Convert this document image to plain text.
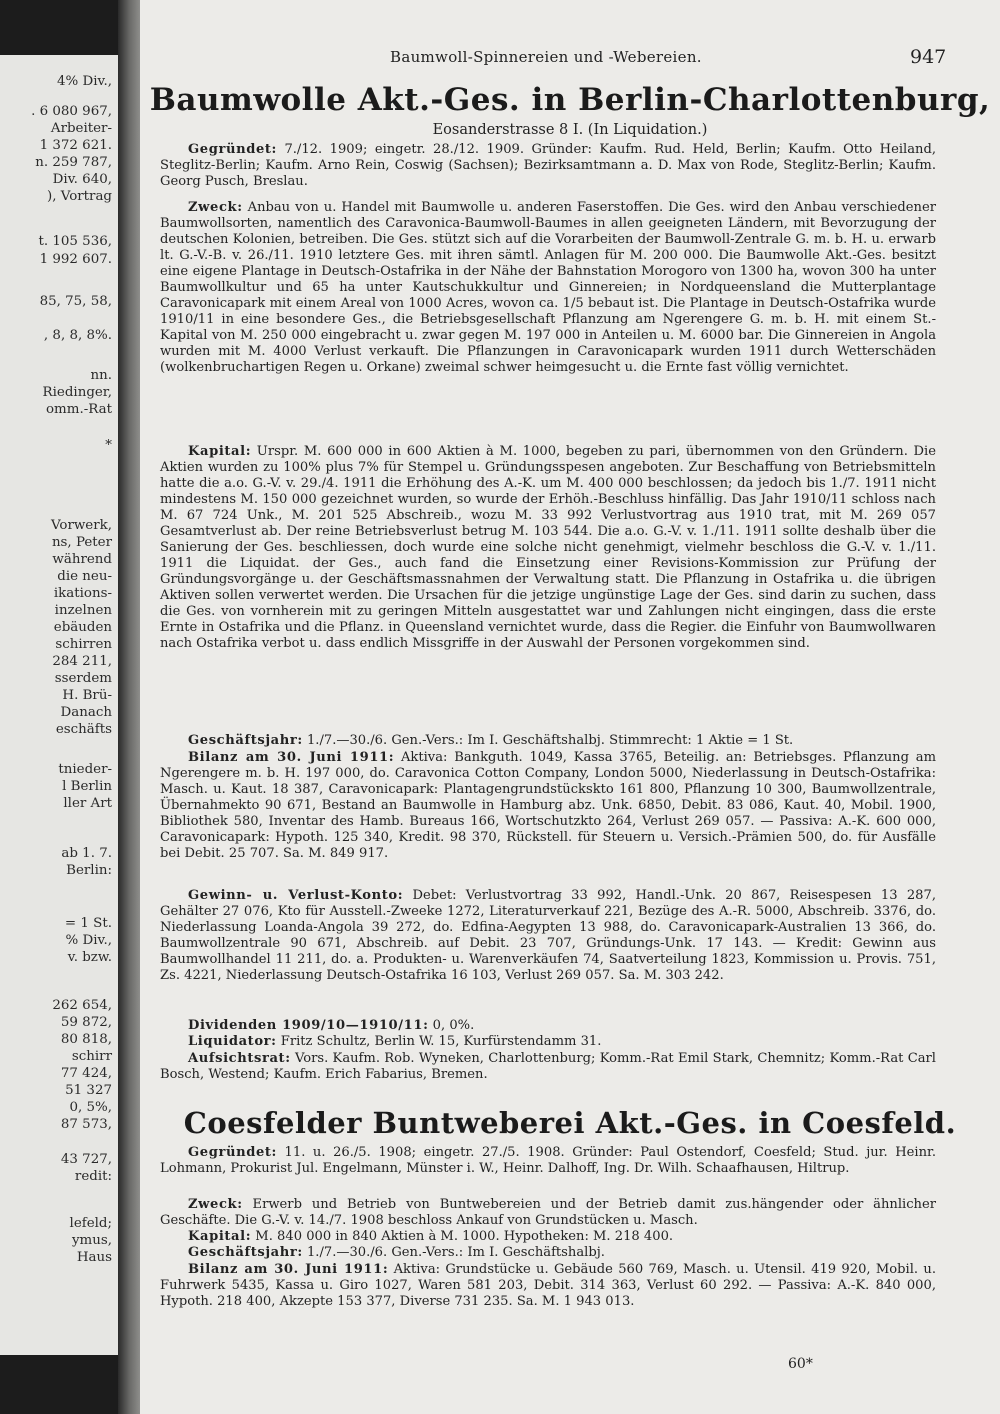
4% Div.,
. 6 080 967,
Arbeiter-
1 372 621.
n. 259 787,
Div. 640,
), Vortrag
t. 105 536,
1 992 607.
85, 75, 58,
, 8, 8, 8%.
nn.
Riedinger,
omm.-Rat
*
Vorwerk,
ns, Peter
während
die neu-
ikations-
inzelnen
ebäuden
schirren
284 211,
sserdem
H. Brü-
Danach
eschäfts
tnieder-
l Berlin
ller Art
ab 1. 7.
Berlin:
= 1 St.
% Div.,
v. bzw.
262 654,
59 872,
80 818,
schirr
77 424,
51 327
0, 5%,
87 573,
43 727,
redit:
lefeld;
ymus,
Haus
Baumwoll-Spinnereien und -Webereien.	947
Baumwolle Akt.-Ges. in Berlin-Charlottenburg,
Eosanderstrasse 8 I. (In Liquidation.)

Gegründet: 7./12. 1909; eingetr. 28./12. 1909. Gründer: Kaufm. Rud. Held, Berlin; Kaufm. Otto Heiland, Steglitz-Berlin; Kaufm. Arno Rein, Coswig (Sachsen); Bezirksamtmann a. D. Max von Rode, Steglitz-Berlin; Kaufm. Georg Pusch, Breslau.

Zweck: Anbau von u. Handel mit Baumwolle u. anderen Faserstoffen. Die Ges. wird den Anbau verschiedener Baumwollsorten, namentlich des Caravonica-Baumwoll-Baumes in allen geeigneten Ländern, mit Bevorzugung der deutschen Kolonien, betreiben. Die Ges. stützt sich auf die Vorarbeiten der Baumwoll-Zentrale G. m. b. H. u. erwarb lt. G.-V.-B. v. 26./11. 1910 letztere Ges. mit ihren sämtl. Anlagen für M. 200 000. Die Baumwolle Akt.-Ges. besitzt eine eigene Plantage in Deutsch-Ostafrika in der Nähe der Bahnstation Morogoro von 1300 ha, wovon 300 ha unter Baumwollkultur und 65 ha unter Kautschukkultur und Ginnereien; in Nordqueensland die Mutterplantage Caravonicapark mit einem Areal von 1000 Acres, wovon ca. 1/5 bebaut ist. Die Plantage in Deutsch-Ostafrika wurde 1910/11 in eine besondere Ges., die Betriebsgesellschaft Pflanzung am Ngerengere G. m. b. H. mit einem St.-Kapital von M. 250 000 eingebracht u. zwar gegen M. 197 000 in Anteilen u. M. 6000 bar. Die Ginnereien in Angola wurden mit M. 4000 Verlust verkauft. Die Pflanzungen in Caravonicapark wurden 1911 durch Wetterschäden (wolkenbruchartigen Regen u. Orkane) zweimal schwer heimgesucht u. die Ernte fast völlig vernichtet.

Kapital: Urspr. M. 600 000 in 600 Aktien à M. 1000, begeben zu pari, übernommen von den Gründern. Die Aktien wurden zu 100% plus 7% für Stempel u. Gründungsspesen angeboten. Zur Beschaffung von Betriebsmitteln hatte die a.o. G.-V. v. 29./4. 1911 die Erhöhung des A.-K. um M. 400 000 beschlossen; da jedoch bis 1./7. 1911 nicht mindestens M. 150 000 gezeichnet wurden, so wurde der Erhöh.-Beschluss hinfällig. Das Jahr 1910/11 schloss nach M. 67 724 Unk., M. 201 525 Abschreib., wozu M. 33 992 Verlustvortrag aus 1910 trat, mit M. 269 057 Gesamtverlust ab. Der reine Betriebsverlust betrug M. 103 544. Die a.o. G.-V. v. 1./11. 1911 sollte deshalb über die Sanierung der Ges. beschliessen, doch wurde eine solche nicht genehmigt, vielmehr beschloss die G.-V. v. 1./11. 1911 die Liquidat. der Ges., auch fand die Einsetzung einer Revisions-Kommission zur Prüfung der Gründungsvorgänge u. der Geschäftsmassnahmen der Verwaltung statt. Die Pflanzung in Ostafrika u. die übrigen Aktiven sollen verwertet werden. Die Ursachen für die jetzige ungünstige Lage der Ges. sind darin zu suchen, dass die Ges. von vornherein mit zu geringen Mitteln ausgestattet war und Zahlungen nicht eingingen, dass die erste Ernte in Ostafrika und die Pflanz. in Queensland vernichtet wurde, dass die Regier. die Einfuhr von Baumwollwaren nach Ostafrika verbot u. dass endlich Missgriffe in der Auswahl der Personen vorgekommen sind.

Geschäftsjahr: 1./7.—30./6. Gen.-Vers.: Im I. Geschäftshalbj. Stimmrecht: 1 Aktie = 1 St.

Bilanz am 30. Juni 1911: Aktiva: Bankguth. 1049, Kassa 3765, Beteilig. an: Betriebsges. Pflanzung am Ngerengere m. b. H. 197 000, do. Caravonica Cotton Company, London 5000, Niederlassung in Deutsch-Ostafrika: Masch. u. Kaut. 18 387, Caravonicapark: Plantagengrundstückskto 161 800, Pflanzung 10 300, Baumwollzentrale, Übernahmekto 90 671, Bestand an Baumwolle in Hamburg abz. Unk. 6850, Debit. 83 086, Kaut. 40, Mobil. 1900, Bibliothek 580, Inventar des Hamb. Bureaus 166, Wortschutzkto 264, Verlust 269 057. — Passiva: A.-K. 600 000, Caravonicapark: Hypoth. 125 340, Kredit. 98 370, Rückstell. für Steuern u. Versich.-Prämien 500, do. für Ausfälle bei Debit. 25 707. Sa. M. 849 917.

Gewinn- u. Verlust-Konto: Debet: Verlustvortrag 33 992, Handl.-Unk. 20 867, Reisespesen 13 287, Gehälter 27 076, Kto für Ausstell.-Zweeke 1272, Literaturverkauf 221, Bezüge des A.-R. 5000, Abschreib. 3376, do. Niederlassung Loanda-Angola 39 272, do. Edfina-Aegypten 13 988, do. Caravonicapark-Australien 13 366, do. Baumwollzentrale 90 671, Abschreib. auf Debit. 23 707, Gründungs-Unk. 17 143. — Kredit: Gewinn aus Baumwollhandel 11 211, do. a. Produkten- u. Warenverkäufen 74, Saatverteilung 1823, Kommission u. Provis. 751, Zs. 4221, Niederlassung Deutsch-Ostafrika 16 103, Verlust 269 057. Sa. M. 303 242.

Dividenden 1909/10—1910/11: 0, 0%.

Liquidator: Fritz Schultz, Berlin W. 15, Kurfürstendamm 31.

Aufsichtsrat: Vors. Kaufm. Rob. Wyneken, Charlottenburg; Komm.-Rat Emil Stark, Chemnitz; Komm.-Rat Carl Bosch, Westend; Kaufm. Erich Fabarius, Bremen.

Coesfelder Buntweberei Akt.-Ges. in Coesfeld.

Gegründet: 11. u. 26./5. 1908; eingetr. 27./5. 1908. Gründer: Paul Ostendorf, Coesfeld; Stud. jur. Heinr. Lohmann, Prokurist Jul. Engelmann, Münster i. W., Heinr. Dalhoff, Ing. Dr. Wilh. Schaafhausen, Hiltrup.

Zweck: Erwerb und Betrieb von Buntwebereien und der Betrieb damit zus.hängender oder ähnlicher Geschäfte. Die G.-V. v. 14./7. 1908 beschloss Ankauf von Grundstücken u. Masch.

Kapital: M. 840 000 in 840 Aktien à M. 1000. Hypotheken: M. 218 400.

Geschäftsjahr: 1./7.—30./6. Gen.-Vers.: Im I. Geschäftshalbj.

Bilanz am 30. Juni 1911: Aktiva: Grundstücke u. Gebäude 560 769, Masch. u. Utensil. 419 920, Mobil. u. Fuhrwerk 5435, Kassa u. Giro 1027, Waren 581 203, Debit. 314 363, Verlust 60 292. — Passiva: A.-K. 840 000, Hypoth. 218 400, Akzepte 153 377, Diverse 731 235. Sa. M. 1 943 013.

60*
